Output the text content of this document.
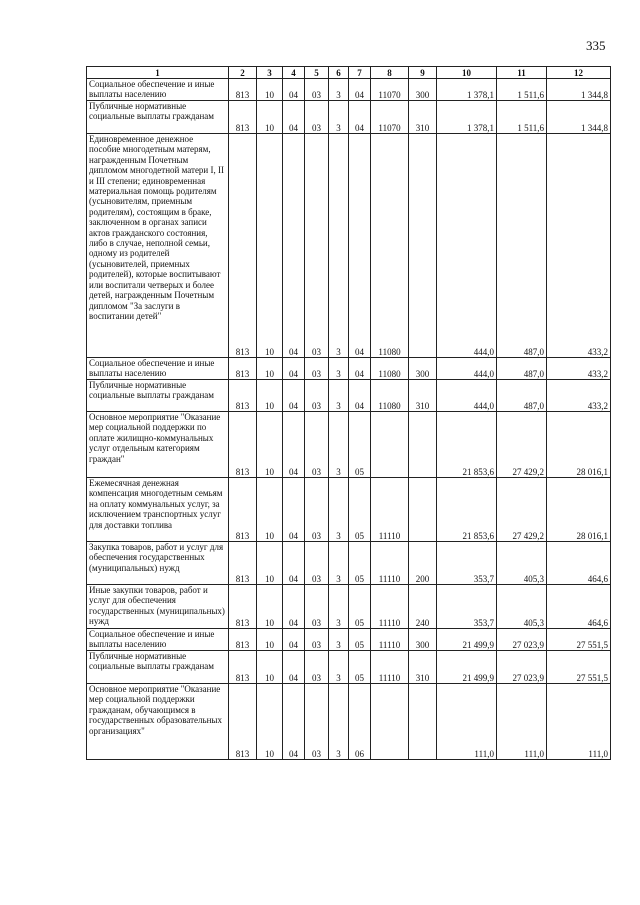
335
1	2	3	4	5	6	7	8	9	10	11	12
Социальное обеспечение и иные выплаты населению	813	10	04	03	3	04	11070	300	1 378,1	1 511,6	1 344,8
Публичные нормативные социальные выплаты гражданам	813	10	04	03	3	04	11070	310	1 378,1	1 511,6	1 344,8
Единовременное денежное пособие многодетным матерям, награжденным Почетным дипломом многодетной матери I, II и III степени; единовременная материальная помощь родителям (усыновителям, приемным родителям), состоящим в браке, заключенном в органах записи актов гражданского состояния, либо в случае, неполной семьи, одному из родителей (усыновителей, приемных родителей), которые воспитывают или воспитали четверых и более детей, награжденным Почетным дипломом "За заслуги в воспитании детей"	813	10	04	03	3	04	11080		444,0	487,0	433,2
Социальное обеспечение и иные выплаты населению	813	10	04	03	3	04	11080	300	444,0	487,0	433,2
Публичные нормативные социальные выплаты гражданам	813	10	04	03	3	04	11080	310	444,0	487,0	433,2
Основное мероприятие "Оказание мер социальной поддержки по оплате жилищно-коммунальных услуг отдельным категориям граждан"	813	10	04	03	3	05			21 853,6	27 429,2	28 016,1
Ежемесячная денежная компенсация многодетным семьям на оплату коммунальных услуг, за исключением транспортных услуг для доставки топлива	813	10	04	03	3	05	11110		21 853,6	27 429,2	28 016,1
Закупка товаров, работ и услуг для обеспечения государственных (муниципальных) нужд	813	10	04	03	3	05	11110	200	353,7	405,3	464,6
Иные закупки товаров, работ и услуг для обеспечения государственных (муниципальных) нужд	813	10	04	03	3	05	11110	240	353,7	405,3	464,6
Социальное обеспечение и иные выплаты населению	813	10	04	03	3	05	11110	300	21 499,9	27 023,9	27 551,5
Публичные нормативные социальные выплаты гражданам	813	10	04	03	3	05	11110	310	21 499,9	27 023,9	27 551,5
Основное мероприятие "Оказание мер социальной поддержки гражданам, обучающимся в государственных образовательных организациях"	813	10	04	03	3	06			111,0	111,0	111,0
